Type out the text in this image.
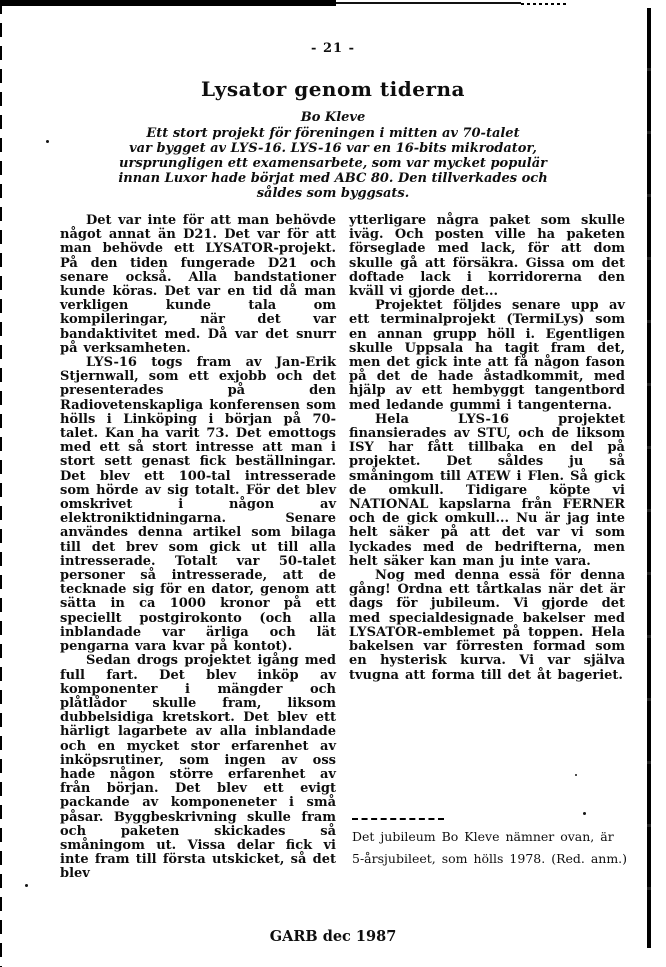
- 21 -

Lysator genom tiderna

Bo Kleve

Ett stort projekt för föreningen i mitten av 70-talet
var bygget av LYS-16. LYS-16 var en 16-bits mikrodator,
ursprungligen ett examensarbete, som var mycket populär
innan Luxor hade börjat med ABC 80. Den tillverkades och
såldes som byggsats.

Det var inte för att man behövde något annat än D21. Det var för att man behövde ett LYSATOR-projekt. På den tiden fungerade D21 och senare också. Alla bandstationer kunde köras. Det var en tid då man verkligen kunde tala om kompileringar, när det var bandaktivitet med. Då var det snurr på verksamheten.

LYS-16 togs fram av Jan-Erik Stjernwall, som ett exjobb och det presenterades på den Radiovetenskapliga konferensen som hölls i Linköping i början på 70-talet. Kan ha varit 73. Det emottogs med ett så stort intresse att man i stort sett genast fick beställningar. Det blev ett 100-tal intresserade som hörde av sig totalt. För det blev omskrivet i någon av elektroniktidningarna. Senare användes denna artikel som bilaga till det brev som gick ut till alla intresserade. Totalt var 50-talet personer så intresserade, att de tecknade sig för en dator, genom att sätta in ca 1000 kronor på ett speciellt postgirokonto (och alla inblandade var ärliga och lät pengarna vara kvar på kontot).

Sedan drogs projektet igång med full fart. Det blev inköp av komponenter i mängder och plåtlådor skulle fram, liksom dubbelsidiga kretskort. Det blev ett härligt lagarbete av alla inblandade och en mycket stor erfarenhet av inköpsrutiner, som ingen av oss hade någon större erfarenhet av från början. Det blev ett evigt packande av komponeneter i små påsar. Byggbeskrivning skulle fram och paketen skickades så småningom ut. Vissa delar fick vi inte fram till första utskicket, så det blev

ytterligare några paket som skulle iväg. Och posten ville ha paketen förseglade med lack, för att dom skulle gå att försäkra. Gissa om det doftade lack i korridorerna den kväll vi gjorde det...

Projektet följdes senare upp av ett terminalprojekt (TermiLys) som en annan grupp höll i. Egentligen skulle Uppsala ha tagit fram det, men det gick inte att få någon fason på det de hade åstadkommit, med hjälp av ett hembyggt tangentbord med ledande gummi i tangenterna.

Hela LYS-16 projektet finansierades av STU, och de liksom ISY har fått tillbaka en del på projektet. Det såldes ju så småningom till ATEW i Flen. Så gick de omkull. Tidigare köpte vi NATIONAL kapslarna från FERNER och de gick omkull... Nu är jag inte helt säker på att det var vi som lyckades med de bedrifterna, men helt säker kan man ju inte vara.

Nog med denna essä för denna gång! Ordna ett tårtkalas när det är dags för jubileum. Vi gjorde det med specialdesignade bakelser med LYSATOR-emblemet på toppen. Hela bakelsen var förresten formad som en hysterisk kurva. Vi var själva tvugna att forma till det åt bageriet.

Det jubileum Bo Kleve nämner ovan, är 5-årsjubileet, som hölls 1978. (Red. anm.)

GARB dec 1987
